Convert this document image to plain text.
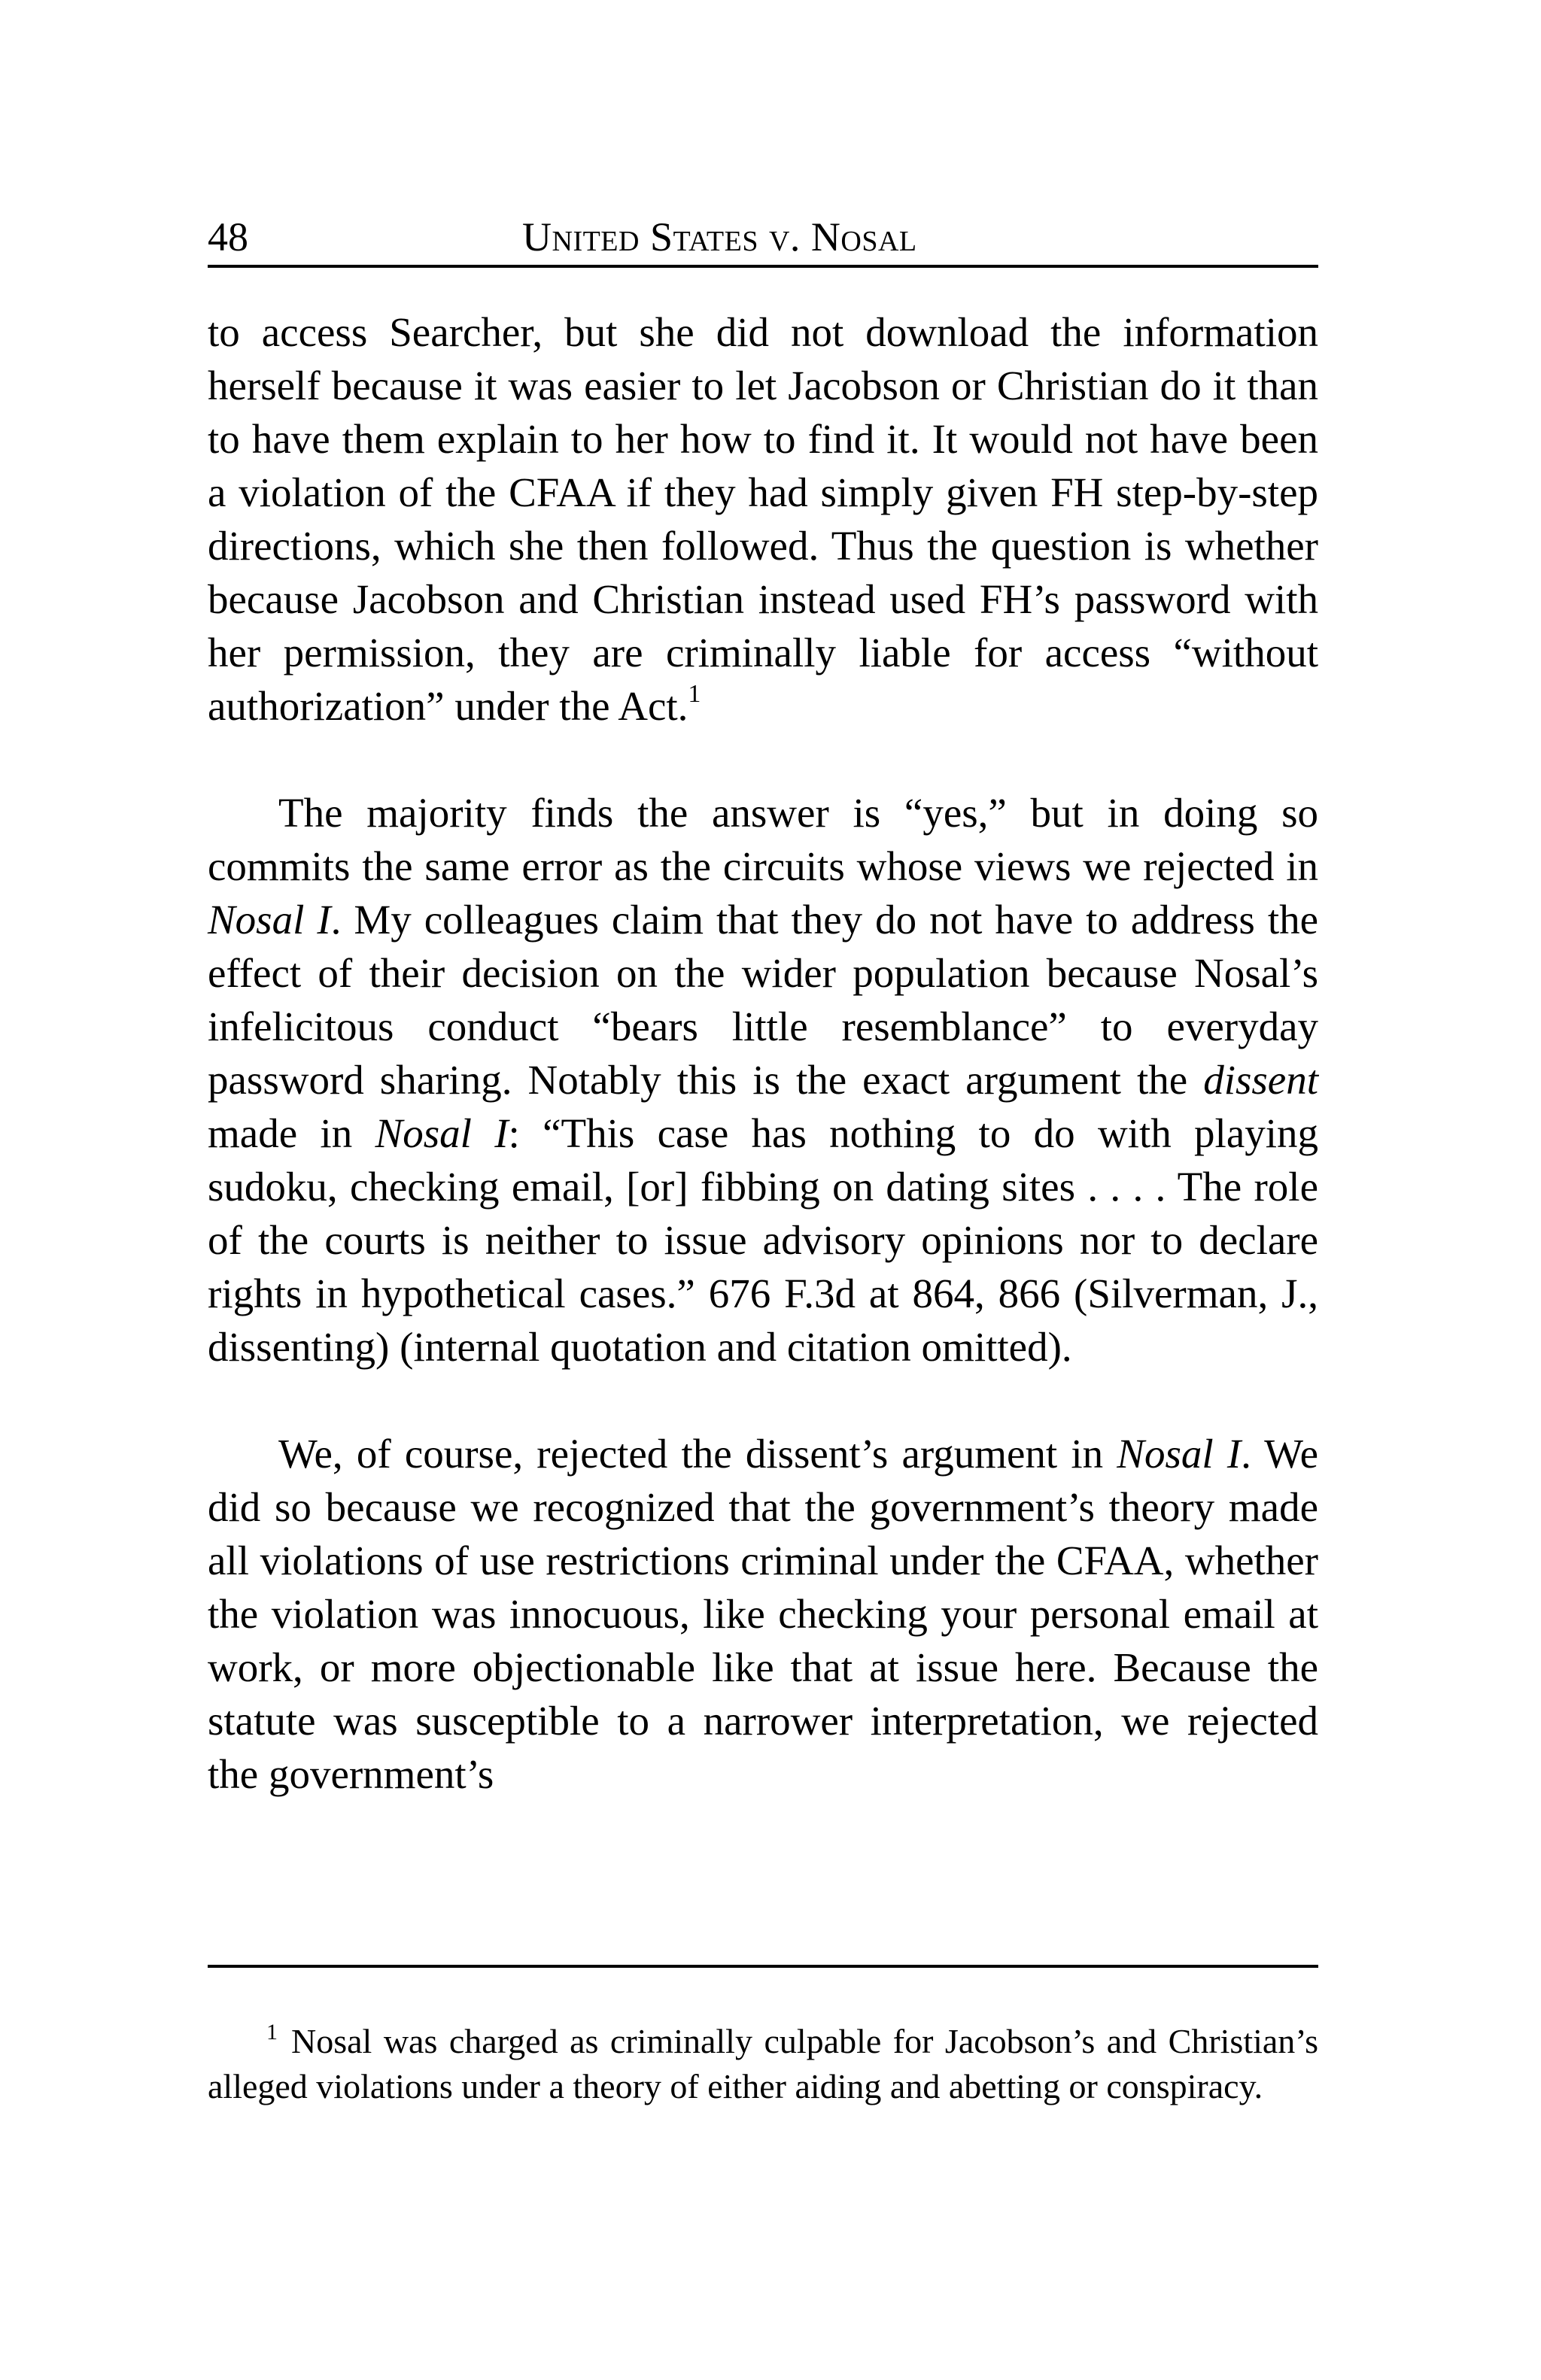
48	United States v. Nosal

to access Searcher, but she did not download the information herself because it was easier to let Jacobson or Christian do it than to have them explain to her how to find it. It would not have been a violation of the CFAA if they had simply given FH step-by-step directions, which she then followed. Thus the question is whether because Jacobson and Christian instead used FH’s password with her permission, they are criminally liable for access “without authorization” under the Act.$^1$

The majority finds the answer is “yes,” but in doing so commits the same error as the circuits whose views we rejected in Nosal I. My colleagues claim that they do not have to address the effect of their decision on the wider population because Nosal’s infelicitous conduct “bears little resemblance” to everyday password sharing. Notably this is the exact argument the dissent made in Nosal I: “This case has nothing to do with playing sudoku, checking email, [or] fibbing on dating sites . . . . The role of the courts is neither to issue advisory opinions nor to declare rights in hypothetical cases.” 676 F.3d at 864, 866 (Silverman, J., dissenting) (internal quotation and citation omitted).

We, of course, rejected the dissent’s argument in Nosal I. We did so because we recognized that the government’s theory made all violations of use restrictions criminal under the CFAA, whether the violation was innocuous, like checking your personal email at work, or more objectionable like that at issue here. Because the statute was susceptible to a narrower interpretation, we rejected the government’s

$^1$ Nosal was charged as criminally culpable for Jacobson’s and Christian’s alleged violations under a theory of either aiding and abetting or conspiracy.
